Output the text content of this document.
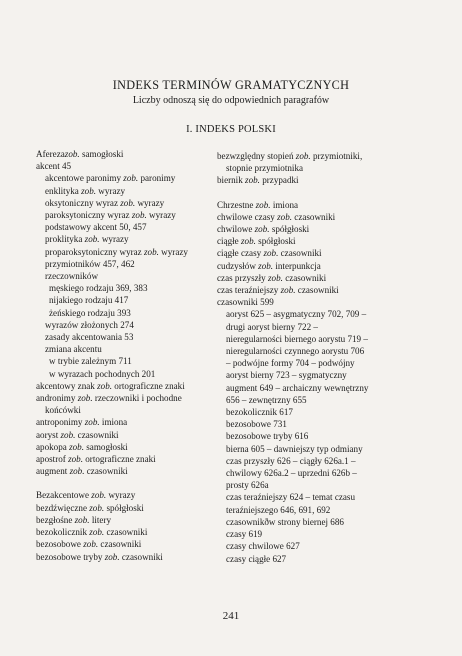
INDEKS TERMINÓW GRAMATYCZNYCH
Liczby odnoszą się do odpowiednich paragrafów
I. INDEKS POLSKI
Aferezazob. samogłoski
akcent 45
akcentowe paronimy zob. paronimy
enklityka zob. wyrazy
oksytoniczny wyraz zob. wyrazy
paroksytoniczny wyraz zob. wyrazy
podstawowy akcent 50, 457
proklityka zob. wyrazy
proparoksytoniczny wyraz zob. wyrazy
przymiotników 457, 462
rzeczowników
męskiego rodzaju 369, 383
nijakiego rodzaju 417
żeńskiego rodzaju 393
wyrazów złożonych 274
zasady akcentowania 53
zmiana akcentu
w trybie zależnym 711
w wyrazach pochodnych 201
akcentowy znak zob. ortograficzne znaki
andronimy zob. rzeczowniki i pochodne
końcówki
antroponimy zob. imiona
aoryst zob. czasowniki
apokopa zob. samogłoski
apostrof zob. ortograficzne znaki
augment zob. czasowniki
Bezakcentowe zob. wyrazy
bezdźwięczne zob. spółgłoski
bezgłośne zob. litery
bezokolicznik zob. czasowniki
bezosobowe zob. czasowniki
bezosobowe tryby zob. czasowniki
bezwzględny stopień zob. przymiotniki,
stopnie przymiotnika
biernik zob. przypadki
Chrzestne zob. imiona
chwilowe czasy zob. czasowniki
chwilowe zob. spółgłoski
ciągłe zob. spółgłoski
ciągłe czasy zob. czasowniki
cudzysłów zob. interpunkcja
czas przyszły zob. czasowniki
czas teraźniejszy zob. czasowniki
czasowniki 599
aoryst 625 – asygmatyczny 702, 709 –
drugi aoryst bierny 722 –
nieregularności biernego aorystu 719 –
nieregularności czynnego aorystu 706
– podwójne formy 704 – podwójny
aoryst bierny 723 – sygmatyczny
augment 649 – archaiczny wewnętrzny
656 – zewnętrzny 655
bezokolicznik 617
bezosobowe 731
bezosobowe tryby 616
bierna 605 – dawniejszy typ odmiany
czas przyszły 626 – ciągły 626a.1 –
chwilowy 626a.2 – uprzedni 626b –
prosty 626a
czas teraźniejszy 624 – temat czasu
teraźniejszego 646, 691, 692
czasownikðw strony biernej 686
czasy 619
czasy chwilowe 627
czasy ciągłe 627
241
